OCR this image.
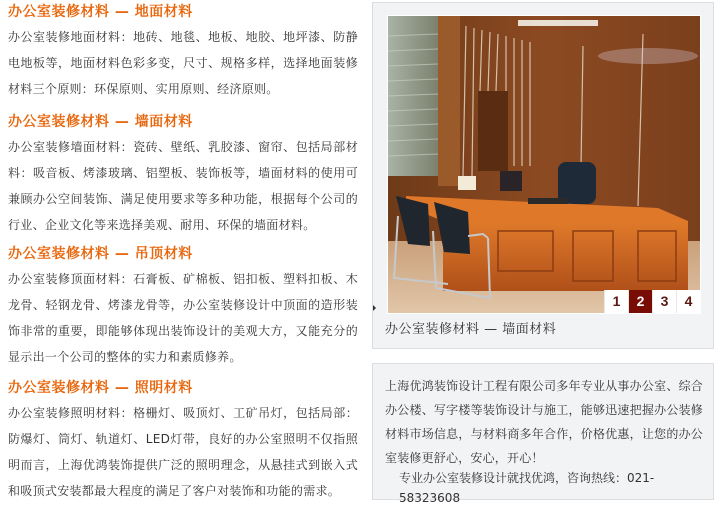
办公室装修材料 — 地面材料
办公室装修地面材料：地砖、地毯、地板、地胶、地坪漆、防静电地板等，地面材料色彩多变，尺寸、规格多样，选择地面装修材料三个原则：环保原则、实用原则、经济原则。
办公室装修材料 — 墙面材料
办公室装修墙面材料：瓷砖、壁纸、乳胶漆、窗帘、包括局部材料：吸音板、烤漆玻璃、铝塑板、装饰板等，墙面材料的使用可兼顾办公空间装饰、满足使用要求等多种功能，根据每个公司的行业、企业文化等来选择美观、耐用、环保的墙面材料。
办公室装修材料 — 吊顶材料
办公室装修顶面材料：石膏板、矿棉板、铝扣板、塑料扣板、木龙骨、轻钢龙骨、烤漆龙骨等，办公室装修设计中顶面的造形装饰非常的重要，即能够体现出装饰设计的美观大方，又能充分的显示出一个公司的整体的实力和素质修养。
办公室装修材料 — 照明材料
办公室装修照明材料：格栅灯、吸顶灯、工矿吊灯，包括局部：防爆灯、筒灯、轨道灯、LED灯带，良好的办公室照明不仅指照明而言，上海优鸿装饰提供广泛的照明理念，从悬挂式到嵌入式和吸顶式安装都最大程度的满足了客户对装饰和功能的需求。
1	2	3	4
办公室装修材料 — 墙面材料
上海优鸿装饰设计工程有限公司多年专业从事办公室、综合办公楼、写字楼等装饰设计与施工，能够迅速把握办公装修材料市场信息，与材料商多年合作，价格优惠，让您的办公室装修更舒心，安心，开心！
专业办公室装修设计就找优鸿，咨询热线：021-58323608
